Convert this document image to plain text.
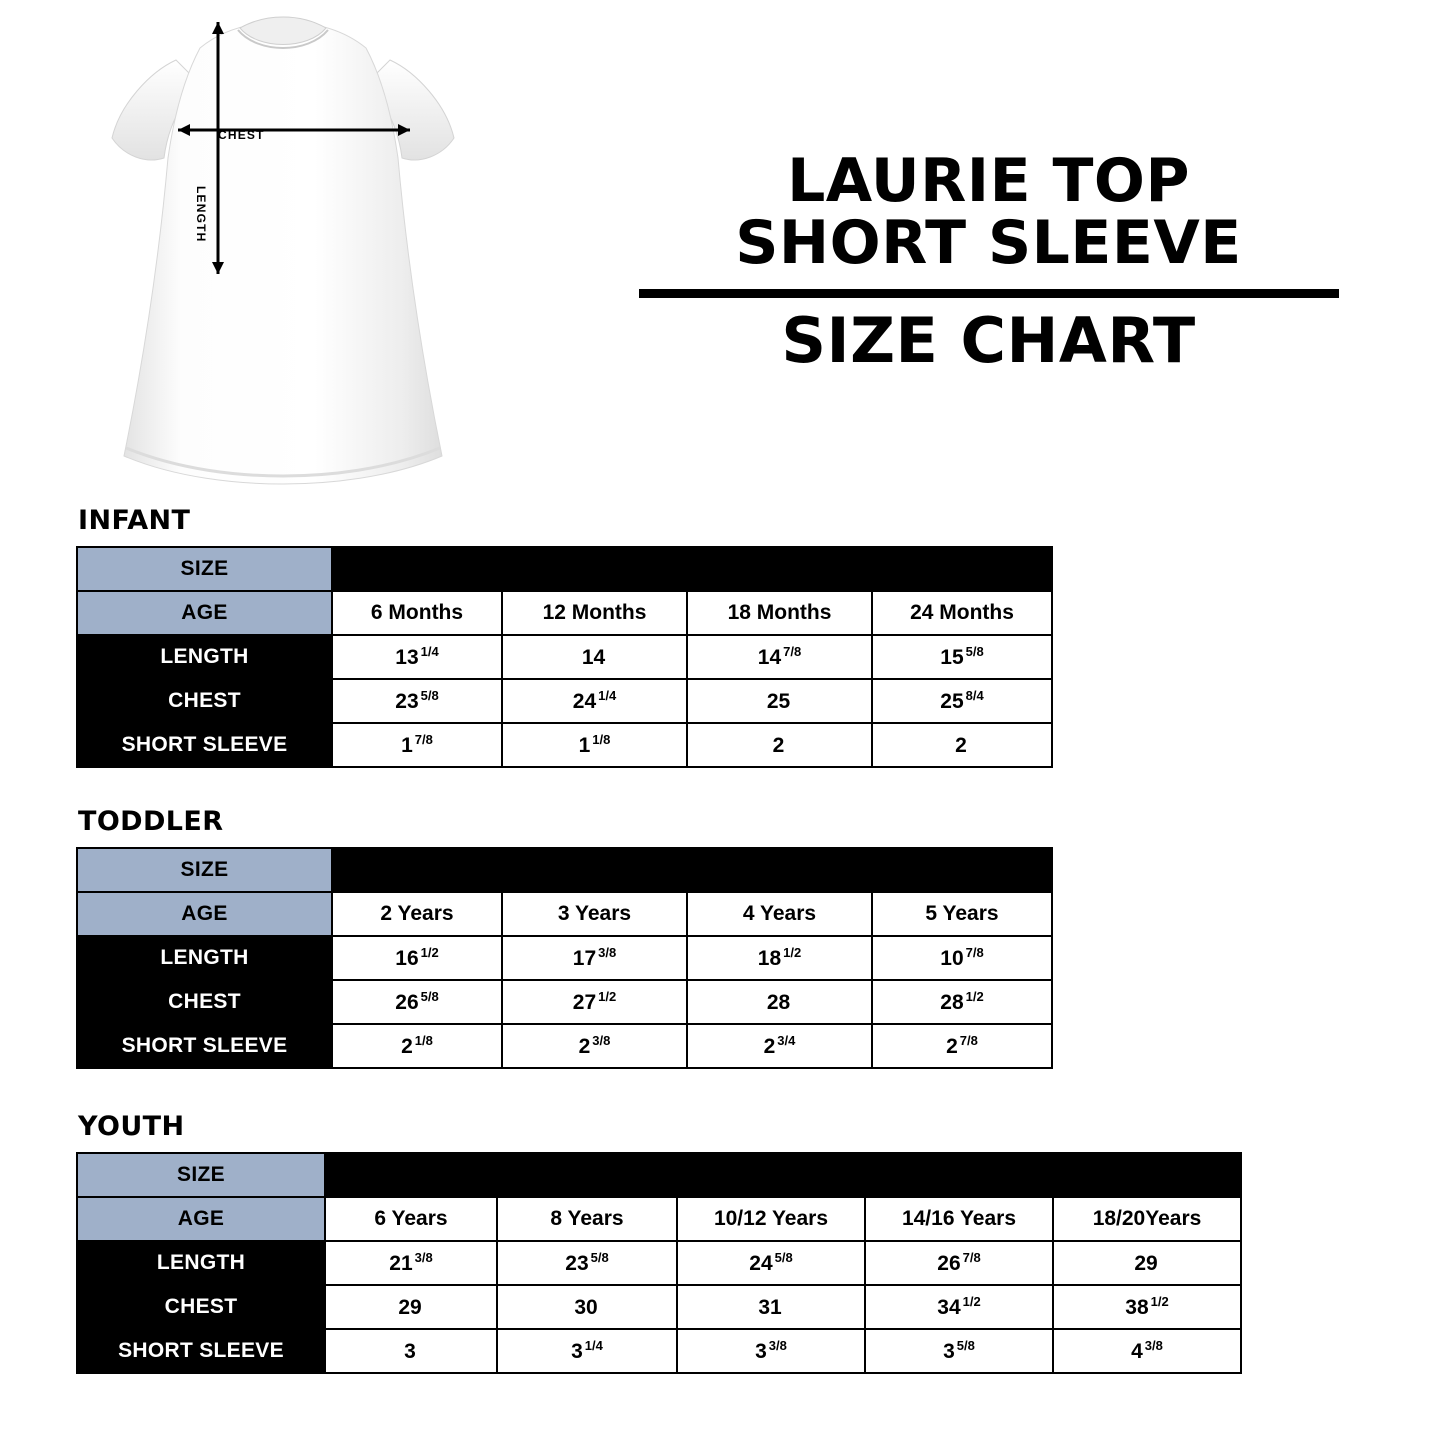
CHEST
LENGTH	LAURIE TOP
SHORT SLEEVE
SIZE CHART
INFANT
SIZE	6M	12M	18M	24M
AGE	6 Months	12 Months	18 Months	24 Months
LENGTH	13 $^{1/4}$	14	14 $^{7/8}$	15 $^{5/8}$
CHEST	23 $^{5/8}$	24 $^{1/4}$	25	25 $^{8/4}$
SHORT SLEEVE	1 $^{7/8}$	1 $^{1/8}$	2	2
TODDLER
SIZE	2	3	4	5
AGE	2 Years	3 Years	4 Years	5 Years
LENGTH	16 $^{1/2}$	17 $^{3/8}$	18 $^{1/2}$	10 $^{7/8}$
CHEST	26 $^{5/8}$	27 $^{1/2}$	28	28 $^{1/2}$
SHORT SLEEVE	2 $^{1/8}$	2 $^{3/8}$	2 $^{3/4}$	2 $^{7/8}$
YOUTH
SIZE	XS	S	M	L	XL
AGE	6 Years	8 Years	10/12 Years	14/16 Years	18/20Years
LENGTH	21 $^{3/8}$	23 $^{5/8}$	24 $^{5/8}$	26 $^{7/8}$	29
CHEST	29	30	31	34 $^{1/2}$	38 $^{1/2}$
SHORT SLEEVE	3	3 $^{1/4}$	3 $^{3/8}$	3 $^{5/8}$	4 $^{3/8}$
